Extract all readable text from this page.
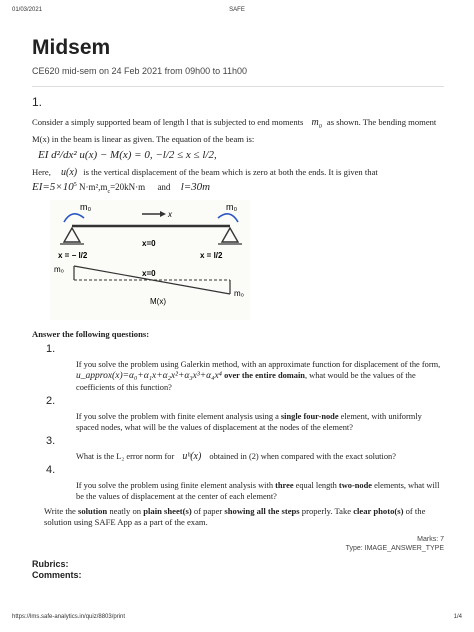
01/03/2021	SAFE
Midsem
CE620 mid-sem on 24 Feb 2021 from 09h00 to 11h00
1.

Consider a simply supported beam of length l that is subjected to end moments $m_0$ as shown. The bending moment M(x) in the beam is linear as given. The equation of the beam is:

EI d²/dx² u(x) − M(x) = 0, −l/2 ≤ x ≤ l/2,

Here, u(x) is the vertical displacement of the beam which is zero at both the ends. It is given that

$EI=5\times 10^5$ $N\cdot m^2,m_c=20kN\cdot m$ and l=30m
m₀	m₀
x
x = − l/2
x=0
x = l/2
m₀
m₀
x=0
M(x)

Answer the following questions:

1.
If you solve the problem using Galerkin method, with an approximate function for displacement of the form, u_approx(x)=α₀+α₁x+α₂x²+α₃x³+α₄x⁴ over the entire domain, what would be the values of the coefficients of this function?
2.
If you solve the problem with finite element analysis using a single four-node element, with uniformly spaced nodes, what will be the values of displacement at the nodes of the element?
3.
What is the L₂ error norm for uʰ(x) obtained in (2) when compared with the exact solution?
4.
If you solve the problem using finite element analysis with three equal length two-node elements, what will be the values of displacement at the center of each element?
Write the solution neatly on plain sheet(s) of paper showing all the steps properly. Take clear photo(s) of the solution using SAFE App as a part of the exam.
Marks: 7
Type: IMAGE_ANSWER_TYPE
Rubrics:
Comments:
https://lms.safe-analytics.in/quiz/8803/print	1/4
